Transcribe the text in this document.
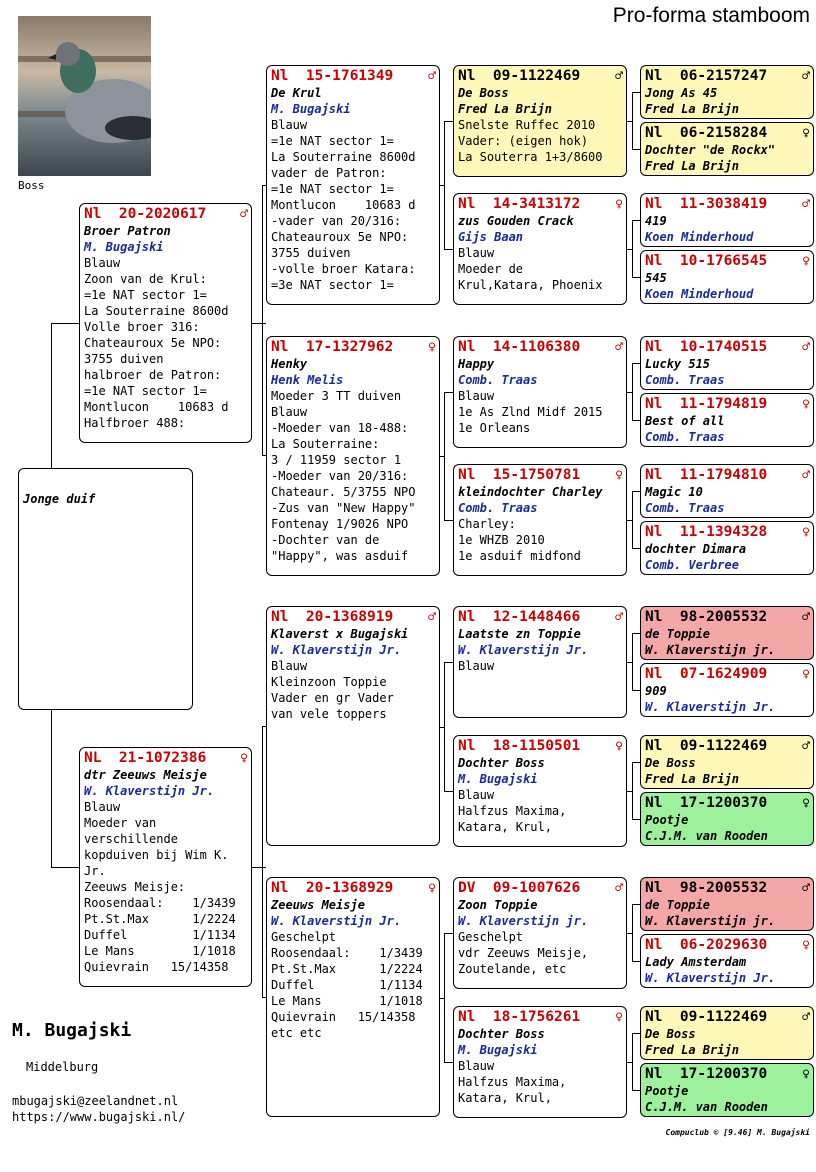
Pro-forma stamboom
Boss
Jonge duif
M. Bugajski
Middelburg
mbugajski@zeelandnet.nl
https://www.bugajski.nl/
Compuclub © [9.46] M. Bugajski
Nl  20-2020617	♂
Broer Patron
M. Bugajski
Blauw
Zoon van de Krul:
=1e NAT sector 1=
La Souterraine 8600d
Volle broer 316:
Chateauroux 5e NPO:
3755 duiven
halbroer de Patron:
=1e NAT sector 1=
Montlucon    10683 d
Halfbroer 488:
NL  21-1072386	♀
dtr Zeeuws Meisje
W. Klaverstijn Jr.
Blauw
Moeder van
verschillende
kopduiven bij Wim K.
Jr.
Zeeuws Meisje:
Roosendaal:    1/3439
Pt.St.Max      1/2224
Duffel         1/1134
Le Mans        1/1018
Quievrain   15/14358
Nl  15-1761349	♂
De Krul
M. Bugajski
Blauw
=1e NAT sector 1=
La Souterraine 8600d
vader de Patron:
=1e NAT sector 1=
Montlucon    10683 d
-vader van 20/316:
Chateauroux 5e NPO:
3755 duiven
-volle broer Katara:
=3e NAT sector 1=
Nl  17-1327962	♀
Henky
Henk Melis
Moeder 3 TT duiven
Blauw
-Moeder van 18-488:
La Souterraine:
3 / 11959 sector 1
-Moeder van 20/316:
Chateaur. 5/3755 NPO
-Zus van "New Happy"
Fontenay 1/9026 NPO
-Dochter van de
"Happy", was asduif
Nl  20-1368919	♂
Klaverst x Bugajski
W. Klaverstijn Jr.
Blauw
Kleinzoon Toppie
Vader en gr Vader
van vele toppers
Nl  20-1368929	♀
Zeeuws Meisje
W. Klaverstijn Jr.
Geschelpt
Roosendaal:    1/3439
Pt.St.Max      1/2224
Duffel         1/1134
Le Mans        1/1018
Quievrain   15/14358
etc etc
Nl  09-1122469	♂
De Boss
Fred La Brijn
Snelste Ruffec 2010
Vader: (eigen hok)
La Souterra 1+3/8600
Nl  14-3413172	♀
zus Gouden Crack
Gijs Baan
Blauw
Moeder de
Krul,Katara, Phoenix
Nl  14-1106380	♂
Happy
Comb. Traas
Blauw
1e As Zlnd Midf 2015
1e Orleans
Nl  15-1750781	♀
kleindochter Charley
Comb. Traas
Charley:
1e WHZB 2010
1e asduif midfond
Nl  12-1448466	♂
Laatste zn Toppie
W. Klaverstijn Jr.
Blauw
Nl  18-1150501	♀
Dochter Boss
M. Bugajski
Blauw
Halfzus Maxima,
Katara, Krul,
DV  09-1007626	♂
Zoon Toppie
W. Klaverstijn jr.
Geschelpt
vdr Zeeuws Meisje,
Zoutelande, etc
Nl  18-1756261	♀
Dochter Boss
M. Bugajski
Blauw
Halfzus Maxima,
Katara, Krul,
Nl  06-2157247	♂
Jong As 45
Fred La Brijn
Nl  06-2158284	♀
Dochter "de Rockx"
Fred La Brijn
Nl  11-3038419	♂
419
Koen Minderhoud
Nl  10-1766545	♀
545
Koen Minderhoud
Nl  10-1740515	♂
Lucky 515
Comb. Traas
Nl  11-1794819	♀
Best of all
Comb. Traas
Nl  11-1794810	♂
Magic 10
Comb. Traas
Nl  11-1394328	♀
dochter Dimara
Comb. Verbree
Nl  98-2005532	♂
de Toppie
W. Klaverstijn jr.
Nl  07-1624909	♀
909
W. Klaverstijn Jr.
Nl  09-1122469	♂
De Boss
Fred La Brijn
Nl  17-1200370	♀
Pootje
C.J.M. van Rooden
Nl  98-2005532	♂
de Toppie
W. Klaverstijn jr.
Nl  06-2029630	♀
Lady Amsterdam
W. Klaverstijn Jr.
Nl  09-1122469	♂
De Boss
Fred La Brijn
Nl  17-1200370	♀
Pootje
C.J.M. van Rooden
